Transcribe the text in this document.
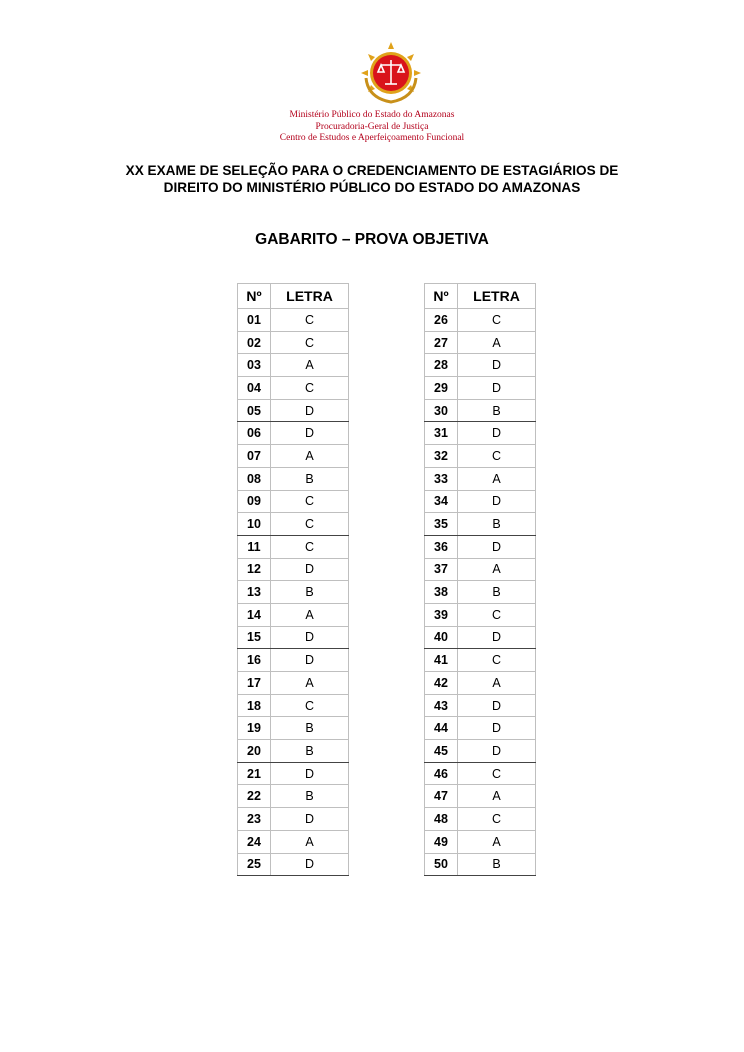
Ministério Público do Estado do Amazonas
Procuradoria-Geral de Justiça
Centro de Estudos e Aperfeiçoamento Funcional
XX EXAME DE SELEÇÃO PARA O CREDENCIAMENTO DE ESTAGIÁRIOS DE
DIREITO DO MINISTÉRIO PÚBLICO DO ESTADO DO AMAZONAS
GABARITO – PROVA OBJETIVA
Nº	LETRA
01	C
02	C
03	A
04	C
05	D
06	D
07	A
08	B
09	C
10	C
11	C
12	D
13	B
14	A
15	D
16	D
17	A
18	C
19	B
20	B
21	D
22	B
23	D
24	A
25	D
Nº	LETRA
26	C
27	A
28	D
29	D
30	B
31	D
32	C
33	A
34	D
35	B
36	D
37	A
38	B
39	C
40	D
41	C
42	A
43	D
44	D
45	D
46	C
47	A
48	C
49	A
50	B
